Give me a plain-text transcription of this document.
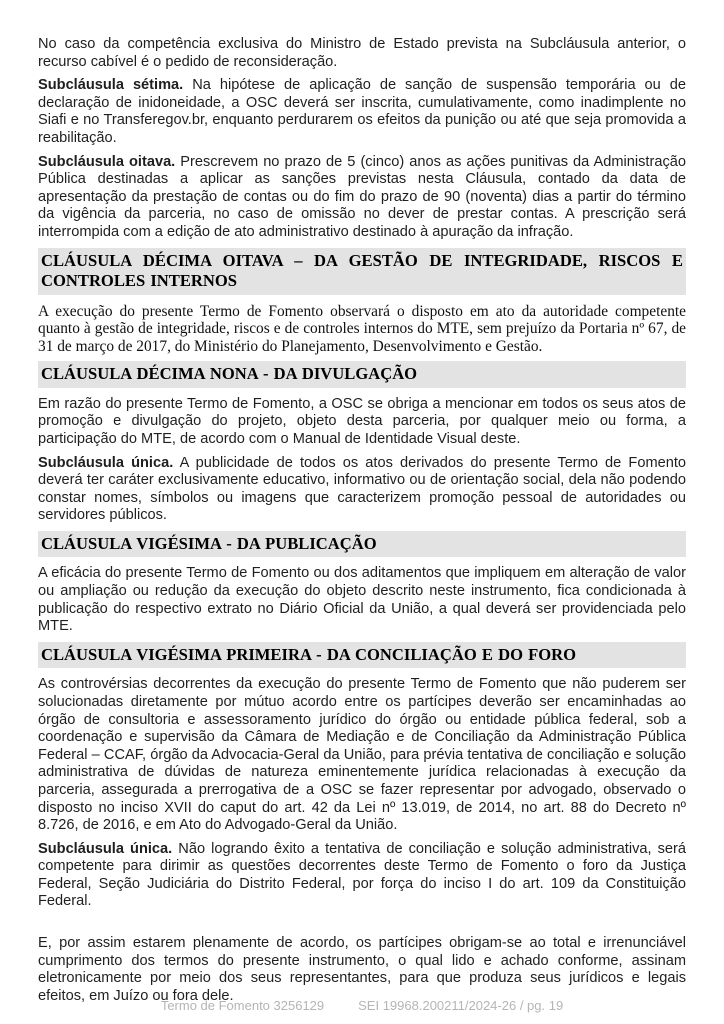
No caso da competência exclusiva do Ministro de Estado prevista na Subcláusula anterior, o recurso cabível é o pedido de reconsideração.

Subcláusula sétima. Na hipótese de aplicação de sanção de suspensão temporária ou de declaração de inidoneidade, a OSC deverá ser inscrita, cumulativamente, como inadimplente no Siafi e no Transferegov.br, enquanto perdurarem os efeitos da punição ou até que seja promovida a reabilitação.

Subcláusula oitava. Prescrevem no prazo de 5 (cinco) anos as ações punitivas da Administração Pública destinadas a aplicar as sanções previstas nesta Cláusula, contado da data de apresentação da prestação de contas ou do fim do prazo de 90 (noventa) dias a partir do término da vigência da parceria, no caso de omissão no dever de prestar contas. A prescrição será interrompida com a edição de ato administrativo destinado à apuração da infração.

CLÁUSULA DÉCIMA OITAVA – DA GESTÃO DE INTEGRIDADE, RISCOS E CONTROLES INTERNOS

A execução do presente Termo de Fomento observará o disposto em ato da autoridade competente quanto à gestão de integridade, riscos e de controles internos do MTE, sem prejuízo da Portaria nº 67, de 31 de março de 2017, do Ministério do Planejamento, Desenvolvimento e Gestão.

CLÁUSULA DÉCIMA NONA - DA DIVULGAÇÃO

Em razão do presente Termo de Fomento, a OSC se obriga a mencionar em todos os seus atos de promoção e divulgação do projeto, objeto desta parceria, por qualquer meio ou forma, a participação do MTE, de acordo com o Manual de Identidade Visual deste.

Subcláusula única. A publicidade de todos os atos derivados do presente Termo de Fomento deverá ter caráter exclusivamente educativo, informativo ou de orientação social, dela não podendo constar nomes, símbolos ou imagens que caracterizem promoção pessoal de autoridades ou servidores públicos.

CLÁUSULA VIGÉSIMA - DA PUBLICAÇÃO

A eficácia do presente Termo de Fomento ou dos aditamentos que impliquem em alteração de valor ou ampliação ou redução da execução do objeto descrito neste instrumento, fica condicionada à publicação do respectivo extrato no Diário Oficial da União, a qual deverá ser providenciada pelo MTE.

CLÁUSULA VIGÉSIMA PRIMEIRA - DA CONCILIAÇÃO E DO FORO

As controvérsias decorrentes da execução do presente Termo de Fomento que não puderem ser solucionadas diretamente por mútuo acordo entre os partícipes deverão ser encaminhadas ao órgão de consultoria e assessoramento jurídico do órgão ou entidade pública federal, sob a coordenação e supervisão da Câmara de Mediação e de Conciliação da Administração Pública Federal – CCAF, órgão da Advocacia-Geral da União, para prévia tentativa de conciliação e solução administrativa de dúvidas de natureza eminentemente jurídica relacionadas à execução da parceria, assegurada a prerrogativa de a OSC se fazer representar por advogado, observado o disposto no inciso XVII do caput do art. 42 da Lei nº 13.019, de 2014, no art. 88 do Decreto nº 8.726, de 2016, e em Ato do Advogado-Geral da União.

Subcláusula única. Não logrando êxito a tentativa de conciliação e solução administrativa, será competente para dirimir as questões decorrentes deste Termo de Fomento o foro da Justiça Federal, Seção Judiciária do Distrito Federal, por força do inciso I do art. 109 da Constituição Federal.

E, por assim estarem plenamente de acordo, os partícipes obrigam-se ao total e irrenunciável cumprimento dos termos do presente instrumento, o qual lido e achado conforme, assinam eletronicamente por meio dos seus representantes, para que produza seus jurídicos e legais efeitos, em Juízo ou fora dele.

Termo de Fomento 3256129	SEI 19968.200211/2024-26 / pg. 19
